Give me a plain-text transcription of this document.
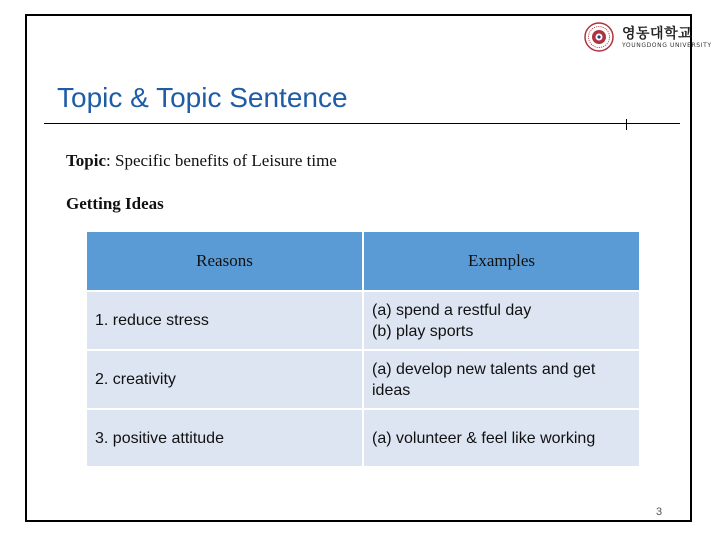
영동대학교
YOUNGDONG UNIVERSITY
Topic & Topic Sentence
Topic: Specific benefits of Leisure time
Getting Ideas
Reasons	Examples
1. reduce stress	(a) spend a restful day
(b) play sports

2. creativity	(a) develop new talents and get ideas

3. positive attitude	(a) volunteer & feel like working
3
